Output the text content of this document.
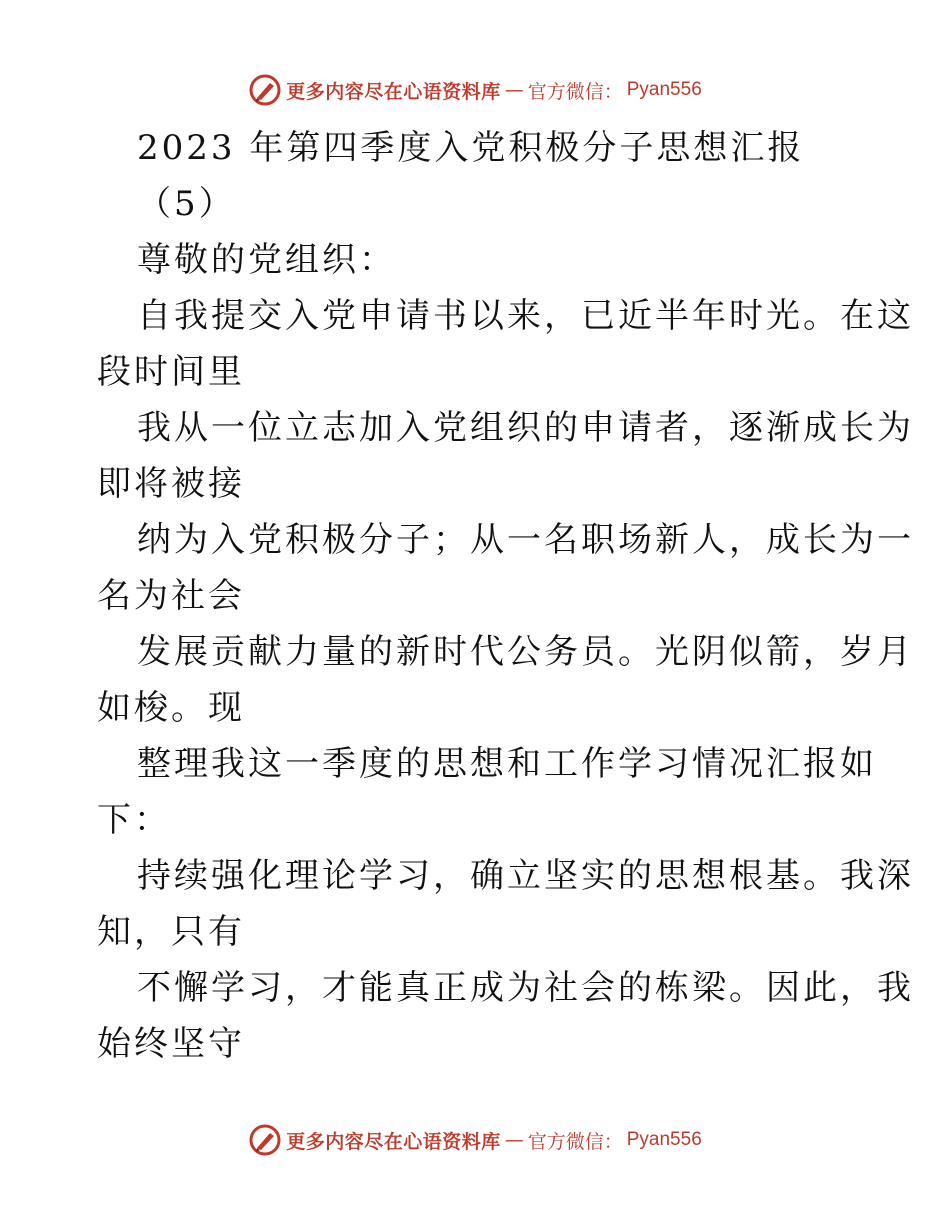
更多内容尽在心语资料库 — 官方微信： Pyan556
2023 年第四季度入党积极分子思想汇报
（5）
尊敬的党组织：
自我提交入党申请书以来，已近半年时光。在这
段时间里
我从一位立志加入党组织的申请者，逐渐成长为
即将被接
纳为入党积极分子；从一名职场新人，成长为一
名为社会
发展贡献力量的新时代公务员。光阴似箭，岁月
如梭。现
整理我这一季度的思想和工作学习情况汇报如
下：
持续强化理论学习，确立坚实的思想根基。我深
知，只有
不懈学习，才能真正成为社会的栋梁。因此，我
始终坚守
更多内容尽在心语资料库 — 官方微信： Pyan556
